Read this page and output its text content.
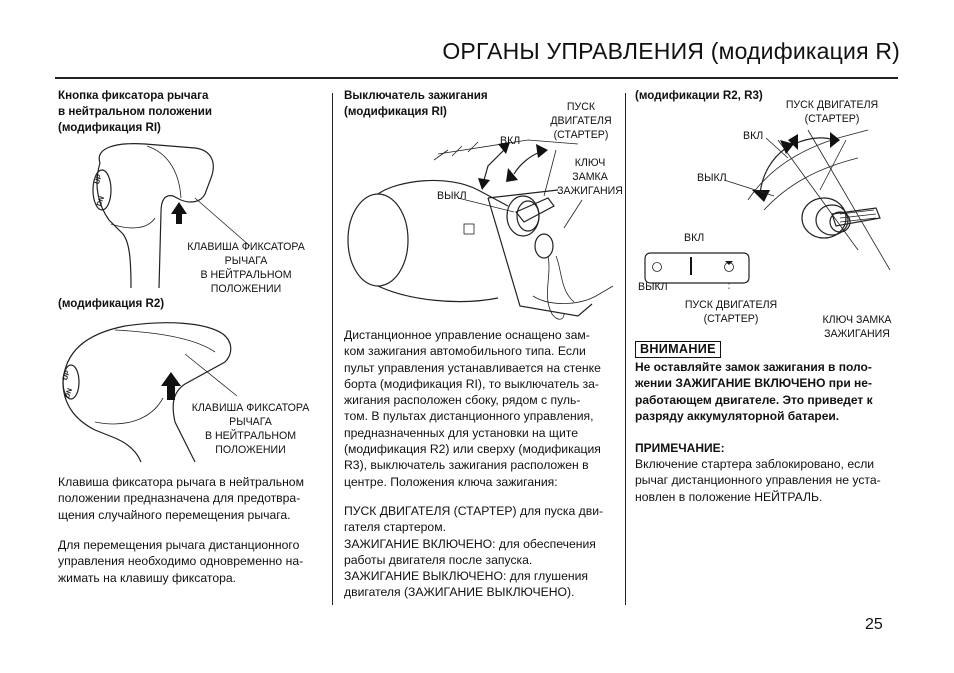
ОРГАНЫ УПРАВЛЕНИЯ (модификация R)
Кнопка фиксатора рычага
в нейтральном положении
(модификация RI)
UP
DN
КЛАВИША ФИКСАТОРА
РЫЧАГА
В НЕЙТРАЛЬНОМ
ПОЛОЖЕНИИ
(модификация R2)
UP
DN
КЛАВИША ФИКСАТОРА
РЫЧАГА
В НЕЙТРАЛЬНОМ
ПОЛОЖЕНИИ
Клавиша фиксатора рычага в нейтральном
положении предназначена для предотвра-
щения случайного перемещения рычага.
Для перемещения рычага дистанционного
управления необходимо одновременно на-
жимать на клавишу фиксатора.
Выключатель зажигания
(модификация RI)	ПУСК
ДВИГАТЕЛЯ
(СТАРТЕР)
ВКЛ
ВЫКЛ
КЛЮЧ
ЗАМКА
ЗАЖИГАНИЯ
Дистанционное управление оснащено зам-
ком зажигания автомобильного типа. Если
пульт управления устанавливается на стенке
борта (модификация RI), то выключатель за-
жигания расположен сбоку, рядом с пуль-
том. В пультах дистанционного управления,
предназначенных для установки на щите
(модификация R2) или сверху (модификация
R3), выключатель зажигания расположен в
центре. Положения ключа зажигания:
ПУСК ДВИГАТЕЛЯ (СТАРТЕР) для пуска дви-
гателя стартером.
ЗАЖИГАНИЕ ВКЛЮЧЕНО: для обеспечения
работы двигателя после запуска.
ЗАЖИГАНИЕ ВЫКЛЮЧЕНО: для глушения
двигателя (ЗАЖИГАНИЕ ВЫКЛЮЧЕНО).
(модификации R2, R3)
ПУСК ДВИГАТЕЛЯ
(СТАРТЕР)
ВКЛ
ВЫКЛ
ВКЛ
ВЫКЛ
ПУСК ДВИГАТЕЛЯ
(СТАРТЕР)	КЛЮЧ ЗАМКА
ЗАЖИГАНИЯ
ВНИМАНИЕ
Не оставляйте замок зажигания в поло-
жении ЗАЖИГАНИЕ ВКЛЮЧЕНО при не-
работающем двигателе. Это приведет к
разряду аккумуляторной батареи.
ПРИМЕЧАНИЕ:
Включение стартера заблокировано, если
рычаг дистанционного управления не уста-
новлен в положение НЕЙТРАЛЬ.
25
